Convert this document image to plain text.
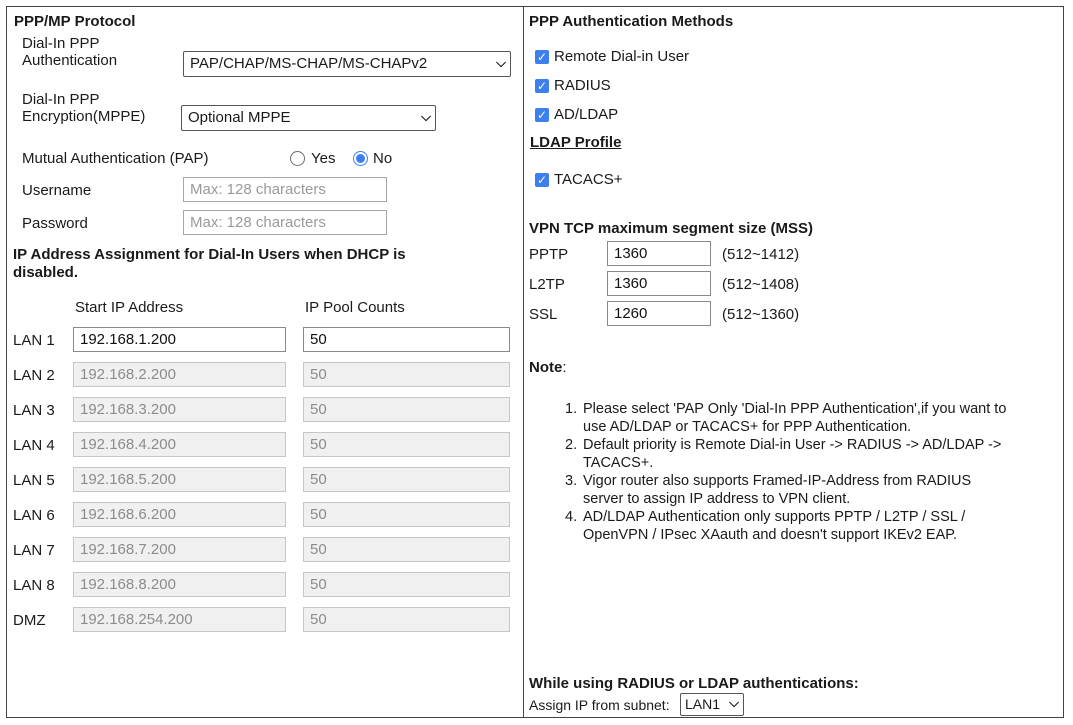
PPP/MP Protocol
Dial-In PPP
Authentication	PAP/CHAP/MS-CHAP/MS-CHAPv2	⌵
Dial-In PPP
Encryption(MPPE)	Optional MPPE	⌵
Mutual Authentication (PAP)	Yes	No
Username	Max: 128 characters
Password	Max: 128 characters
IP Address Assignment for Dial-In Users when DHCP is
disabled.
Start IP Address	IP Pool Counts
LAN 1	192.168.1.200	50
LAN 2	192.168.2.200	50
LAN 3	192.168.3.200	50
LAN 4	192.168.4.200	50
LAN 5	192.168.5.200	50
LAN 6	192.168.6.200	50
LAN 7	192.168.7.200	50
LAN 8	192.168.8.200	50
DMZ	192.168.254.200	50
PPP Authentication Methods
✓ Remote Dial-in User
✓ RADIUS
✓ AD/LDAP
LDAP Profile
✓ TACACS+
VPN TCP maximum segment size (MSS)
PPTP	1360	(512~1412)
L2TP	1360	(512~1408)
SSL	1260	(512~1360)
Note:
1. Please select 'PAP Only 'Dial-In PPP Authentication',if you want to use AD/LDAP or TACACS+ for PPP Authentication.
2. Default priority is Remote Dial-in User -> RADIUS -> AD/LDAP -> TACACS+.
3. Vigor router also supports Framed-IP-Address from RADIUS server to assign IP address to VPN client.
4. AD/LDAP Authentication only supports PPTP / L2TP / SSL / OpenVPN / IPsec XAauth and doesn't support IKEv2 EAP.
While using RADIUS or LDAP authentications:
Assign IP from subnet:	LAN1 ⌵
